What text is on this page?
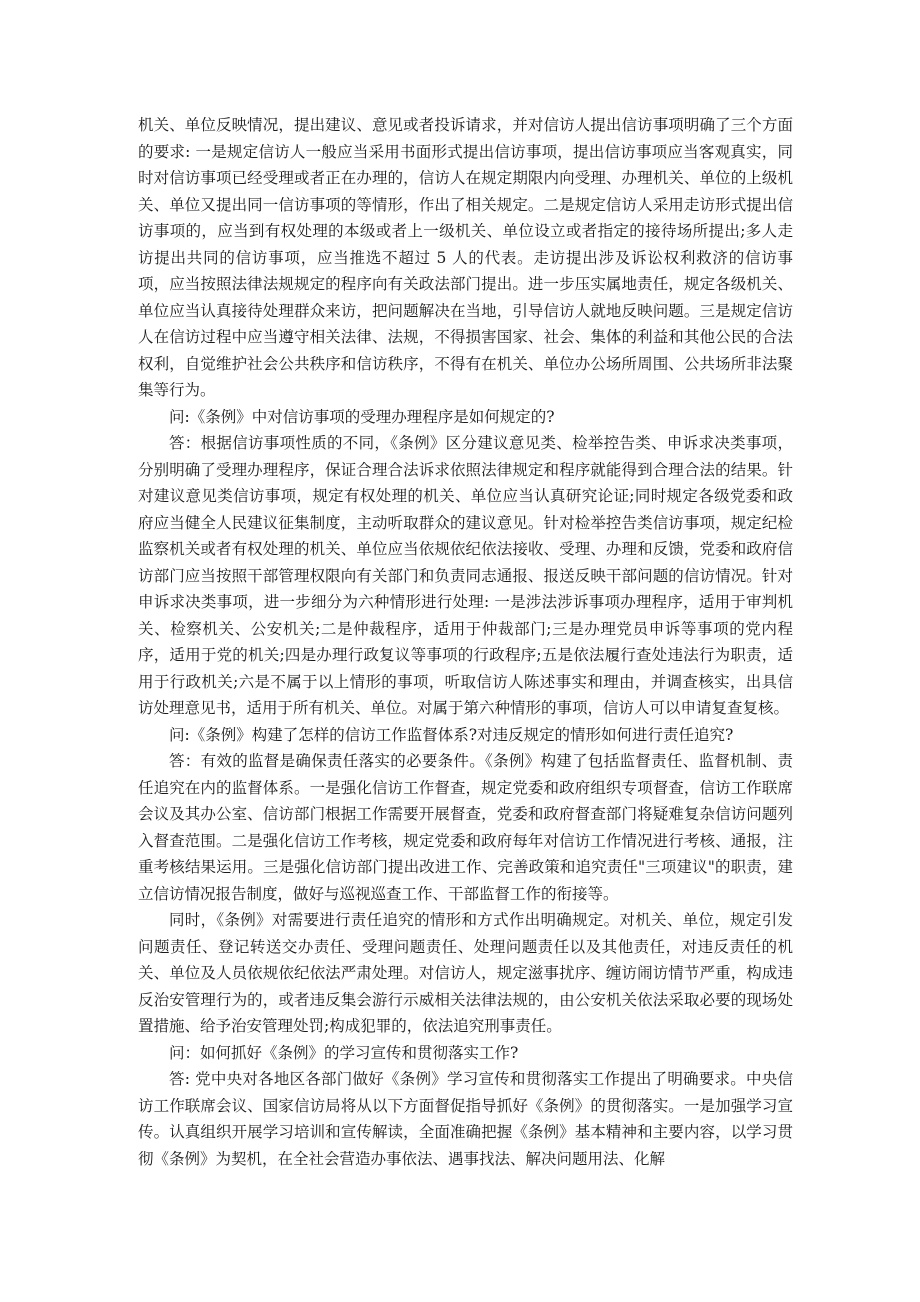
机关、单位反映情况，提出建议、意见或者投诉请求，并对信访人提出信访事项明确了三个方面的要求: 一是规定信访人一般应当采用书面形式提出信访事项，提出信访事项应当客观真实，同时对信访事项已经受理或者正在办理的，信访人在规定期限内向受理、办理机关、单位的上级机关、单位又提出同一信访事项的等情形，作出了相关规定。二是规定信访人采用走访形式提出信访事项的，应当到有权处理的本级或者上一级机关、单位设立或者指定的接待场所提出;多人走访提出共同的信访事项，应当推选不超过 5 人的代表。走访提出涉及诉讼权利救济的信访事项，应当按照法律法规规定的程序向有关政法部门提出。进一步压实属地责任，规定各级机关、单位应当认真接待处理群众来访，把问题解决在当地，引导信访人就地反映问题。三是规定信访人在信访过程中应当遵守相关法律、法规，不得损害国家、社会、集体的利益和其他公民的合法权利，自觉维护社会公共秩序和信访秩序，不得有在机关、单位办公场所周围、公共场所非法聚集等行为。

问:《条例》中对信访事项的受理办理程序是如何规定的?

答：根据信访事项性质的不同，《条例》区分建议意见类、检举控告类、申诉求决类事项，分别明确了受理办理程序，保证合理合法诉求依照法律规定和程序就能得到合理合法的结果。针对建议意见类信访事项，规定有权处理的机关、单位应当认真研究论证;同时规定各级党委和政府应当健全人民建议征集制度，主动听取群众的建议意见。针对检举控告类信访事项，规定纪检监察机关或者有权处理的机关、单位应当依规依纪依法接收、受理、办理和反馈，党委和政府信访部门应当按照干部管理权限向有关部门和负责同志通报、报送反映干部问题的信访情况。针对申诉求决类事项，进一步细分为六种情形进行处理: 一是涉法涉诉事项办理程序，适用于审判机关、检察机关、公安机关;二是仲裁程序，适用于仲裁部门;三是办理党员申诉等事项的党内程序，适用于党的机关;四是办理行政复议等事项的行政程序;五是依法履行查处违法行为职责，适用于行政机关;六是不属于以上情形的事项，听取信访人陈述事实和理由，并调查核实，出具信访处理意见书，适用于所有机关、单位。对属于第六种情形的事项，信访人可以申请复查复核。

问:《条例》构建了怎样的信访工作监督体系?对违反规定的情形如何进行责任追究?

答：有效的监督是确保责任落实的必要条件。《条例》构建了包括监督责任、监督机制、责任追究在内的监督体系。一是强化信访工作督查，规定党委和政府组织专项督查，信访工作联席会议及其办公室、信访部门根据工作需要开展督查，党委和政府督查部门将疑难复杂信访问题列入督查范围。二是强化信访工作考核，规定党委和政府每年对信访工作情况进行考核、通报，注重考核结果运用。三是强化信访部门提出改进工作、完善政策和追究责任"三项建议"的职责，建立信访情况报告制度，做好与巡视巡查工作、干部监督工作的衔接等。

同时，《条例》对需要进行责任追究的情形和方式作出明确规定。对机关、单位，规定引发问题责任、登记转送交办责任、受理问题责任、处理问题责任以及其他责任，对违反责任的机关、单位及人员依规依纪依法严肃处理。对信访人，规定滋事扰序、缠访闹访情节严重，构成违反治安管理行为的，或者违反集会游行示威相关法律法规的，由公安机关依法采取必要的现场处置措施、给予治安管理处罚;构成犯罪的，依法追究刑事责任。

问：如何抓好《条例》的学习宣传和贯彻落实工作?

答: 党中央对各地区各部门做好《条例》学习宣传和贯彻落实工作提出了明确要求。中央信访工作联席会议、国家信访局将从以下方面督促指导抓好《条例》的贯彻落实。一是加强学习宣传。认真组织开展学习培训和宣传解读，全面准确把握《条例》基本精神和主要内容，以学习贯彻《条例》为契机，在全社会营造办事依法、遇事找法、解决问题用法、化解
